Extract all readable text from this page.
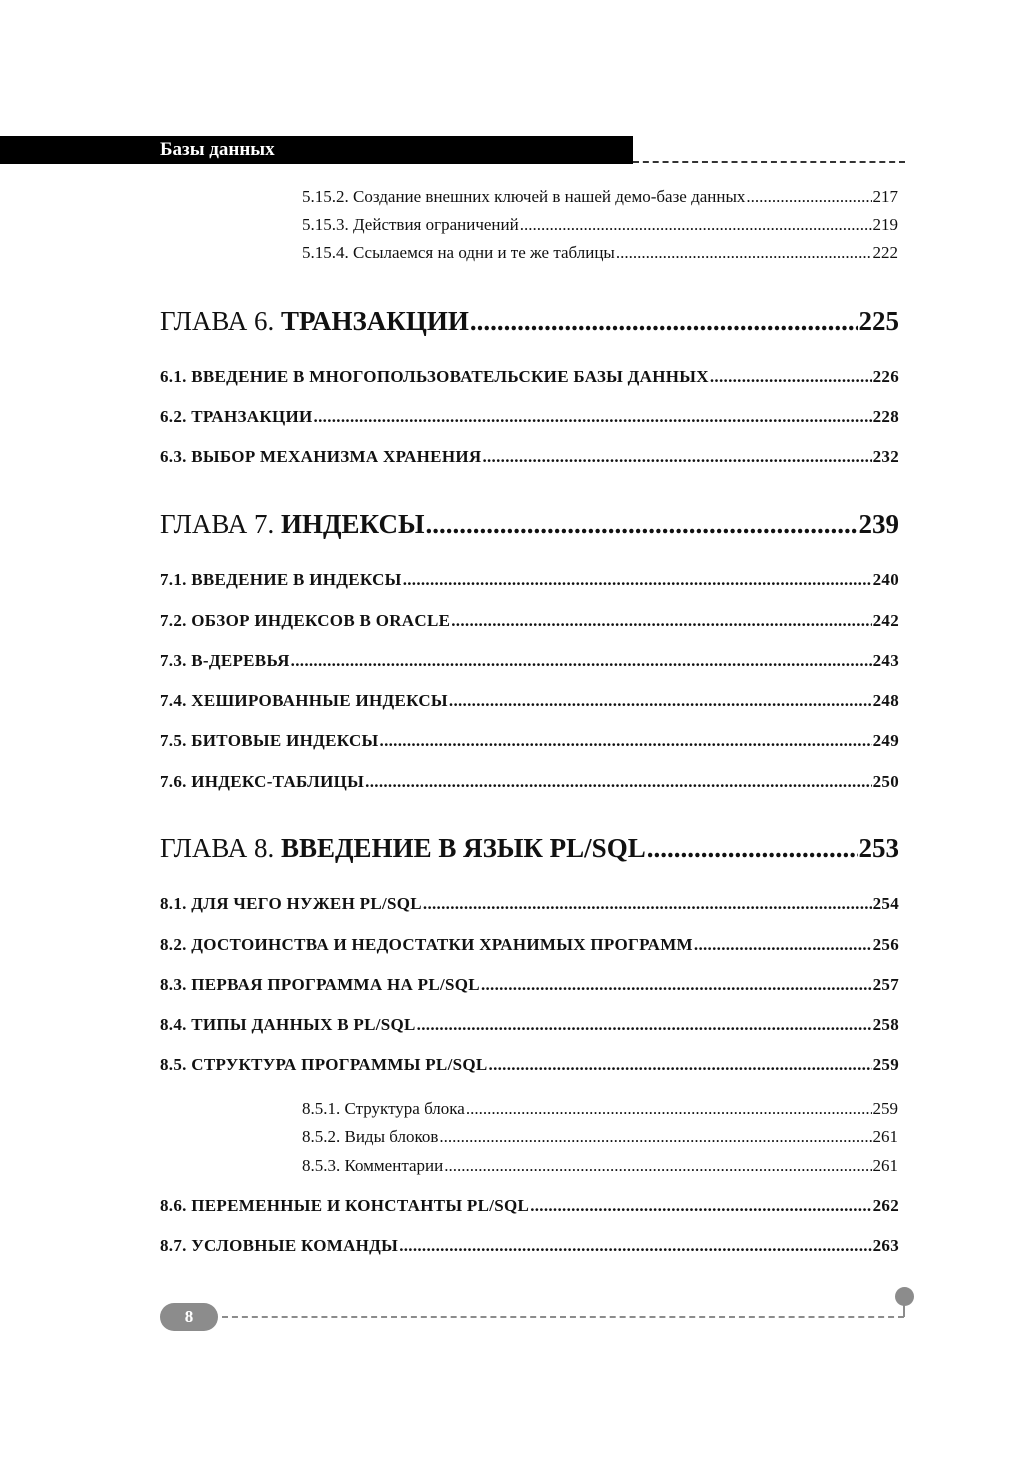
Базы данных
5.15.2. Создание внешних ключей в нашей демо-базе данных .....	217
5.15.3. Действия ограничений .....	219
5.15.4. Ссылаемся на одни и те же таблицы .....	222
ГЛАВА 6. ТРАНЗАКЦИИ .....	225
6.1. ВВЕДЕНИЕ В МНОГОПОЛЬЗОВАТЕЛЬСКИЕ БАЗЫ ДАННЫХ .....	226
6.2. ТРАНЗАКЦИИ .....	228
6.3. ВЫБОР МЕХАНИЗМА ХРАНЕНИЯ .....	232
ГЛАВА 7. ИНДЕКСЫ .....	239
7.1. ВВЕДЕНИЕ В ИНДЕКСЫ .....	240
7.2. ОБЗОР ИНДЕКСОВ В ORACLE .....	242
7.3. B-ДЕРЕВЬЯ .....	243
7.4. ХЕШИРОВАННЫЕ ИНДЕКСЫ .....	248
7.5. БИТОВЫЕ ИНДЕКСЫ .....	249
7.6. ИНДЕКС-ТАБЛИЦЫ .....	250
ГЛАВА 8. ВВЕДЕНИЕ В ЯЗЫК PL/SQL .....	253
8.1. ДЛЯ ЧЕГО НУЖЕН PL/SQL .....	254
8.2. ДОСТОИНСТВА И НЕДОСТАТКИ ХРАНИМЫХ ПРОГРАММ .....	256
8.3. ПЕРВАЯ ПРОГРАММА НА PL/SQL .....	257
8.4. ТИПЫ ДАННЫХ В PL/SQL .....	258
8.5. СТРУКТУРА ПРОГРАММЫ PL/SQL .....	259
8.5.1. Структура блока .....	259
8.5.2. Виды блоков .....	261
8.5.3. Комментарии .....	261
8.6. ПЕРЕМЕННЫЕ И КОНСТАНТЫ PL/SQL .....	262
8.7. УСЛОВНЫЕ КОМАНДЫ .....	263
8
